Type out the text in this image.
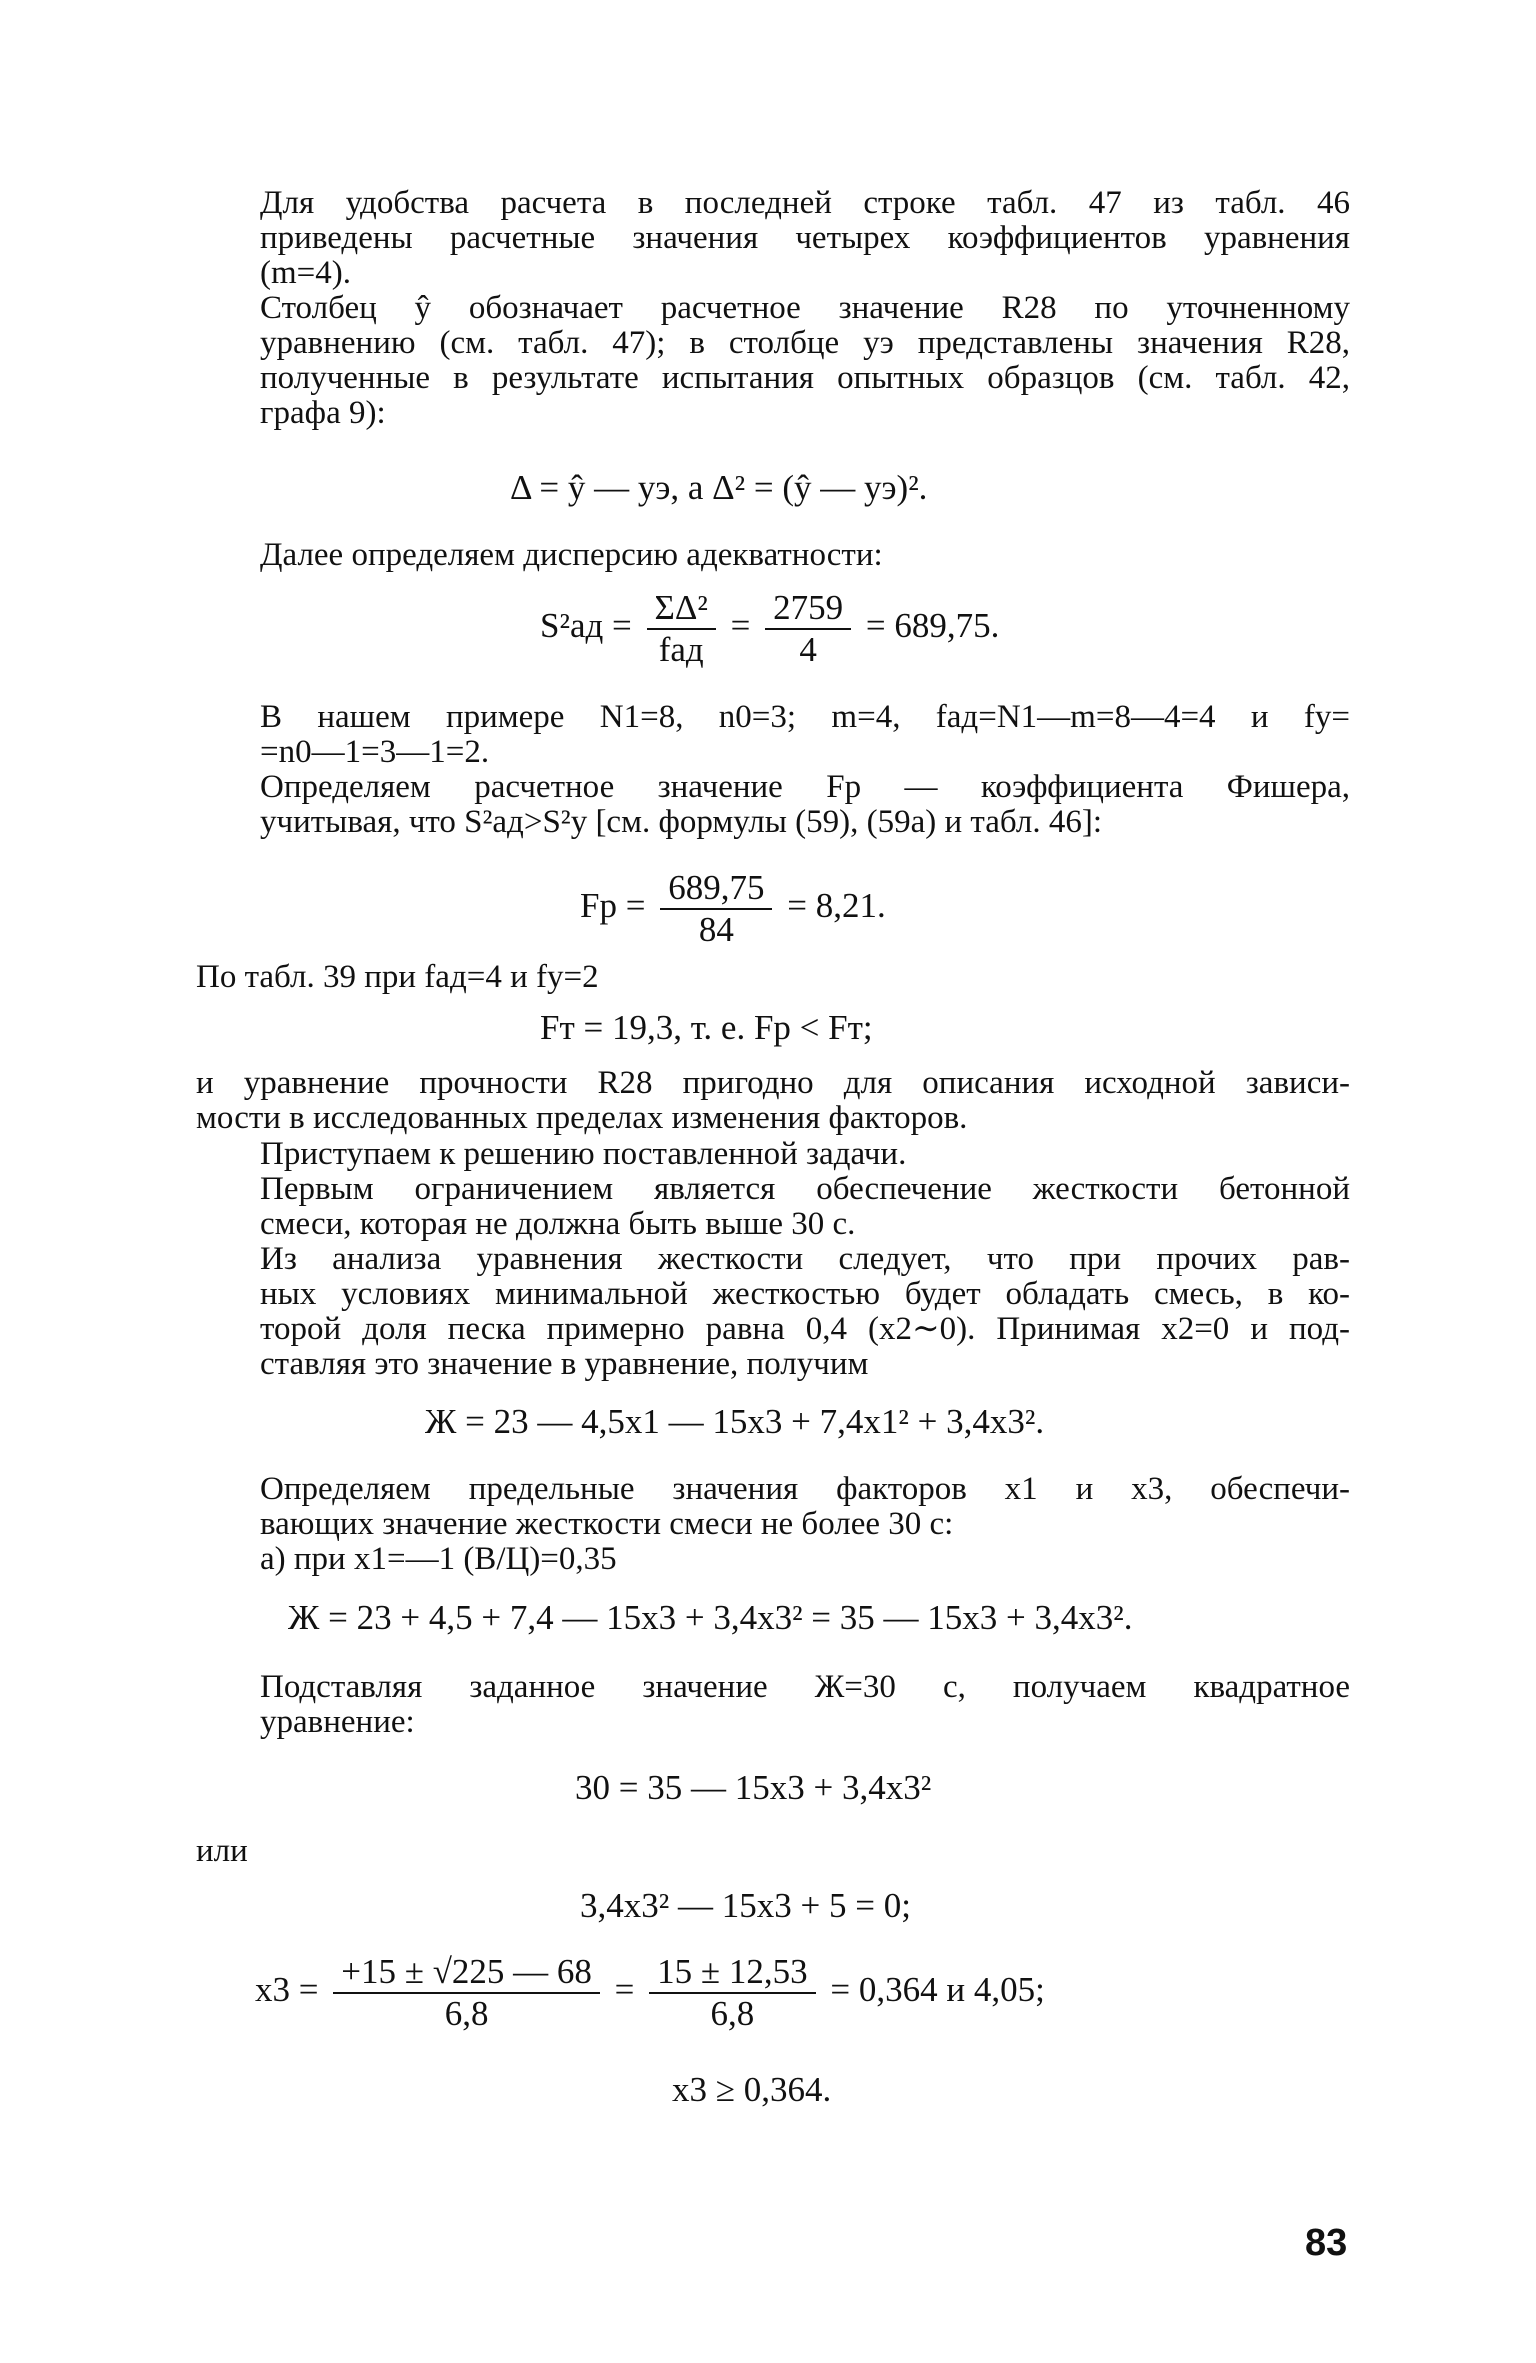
Для удобства расчета в последней строке табл. 47 из табл. 46
приведены расчетные значения четырех коэффициентов уравнения
(m=4).

Столбец ŷ обозначает расчетное значение R28 по уточненному
уравнению (см. табл. 47); в столбце yэ представлены значения R28,
полученные в результате испытания опытных образцов (см. табл. 42,
графа 9):

Δ = ŷ — yэ, а Δ² = (ŷ — yэ)².

Далее определяем дисперсию адекватности:

$S^2ад = \frac{\text{ΣΔ²}}{\text{fад}} = \frac{2759}{4} = 689,75$.

В нашем примере N1=8, n0=3; m=4, fад=N1—m=8—4=4 и fy=
=n0—1=3—1=2.

Определяем расчетное значение Fр — коэффициента Фишера,
учитывая, что S²ад>S²y [см. формулы (59), (59а) и табл. 46]:

Fр = $\frac{689,75}{84} = 8,21$.

По табл. 39 при fад=4 и fy=2

Fт = 19,3, т. е. Fр < Fт;

и уравнение прочности R28 пригодно для описания исходной зависи-
мости в исследованных пределах изменения факторов.

Приступаем к решению поставленной задачи.

Первым ограничением является обеспечение жесткости бетонной
смеси, которая не должна быть выше 30 с.

Из анализа уравнения жесткости следует, что при прочих рав-
ных условиях минимальной жесткостью будет обладать смесь, в ко-
торой доля песка примерно равна 0,4 (x2∼0). Принимая x2=0 и под-
ставляя это значение в уравнение, получим

Ж = 23 — 4,5x1 — 15x3 + 7,4x1² + 3,4x3².

Определяем предельные значения факторов x1 и x3, обеспечи-
вающих значение жесткости смеси не более 30 с:

а) при x1=—1 (В/Ц)=0,35

Ж = 23 + 4,5 + 7,4 — 15x3 + 3,4x3² = 35 — 15x3 + 3,4x3².

Подставляя заданное значение Ж=30 с, получаем квадратное
уравнение:

30 = 35 — 15x3 + 3,4x3²

или

3,4x3² — 15x3 + 5 = 0;
$x3 = \frac{+15 \pm √225 — 68}{6,8} = \frac{15 \pm 12,53}{6,8} = 0,364$ и 4,05;
x3 ≥ 0,364.
83
